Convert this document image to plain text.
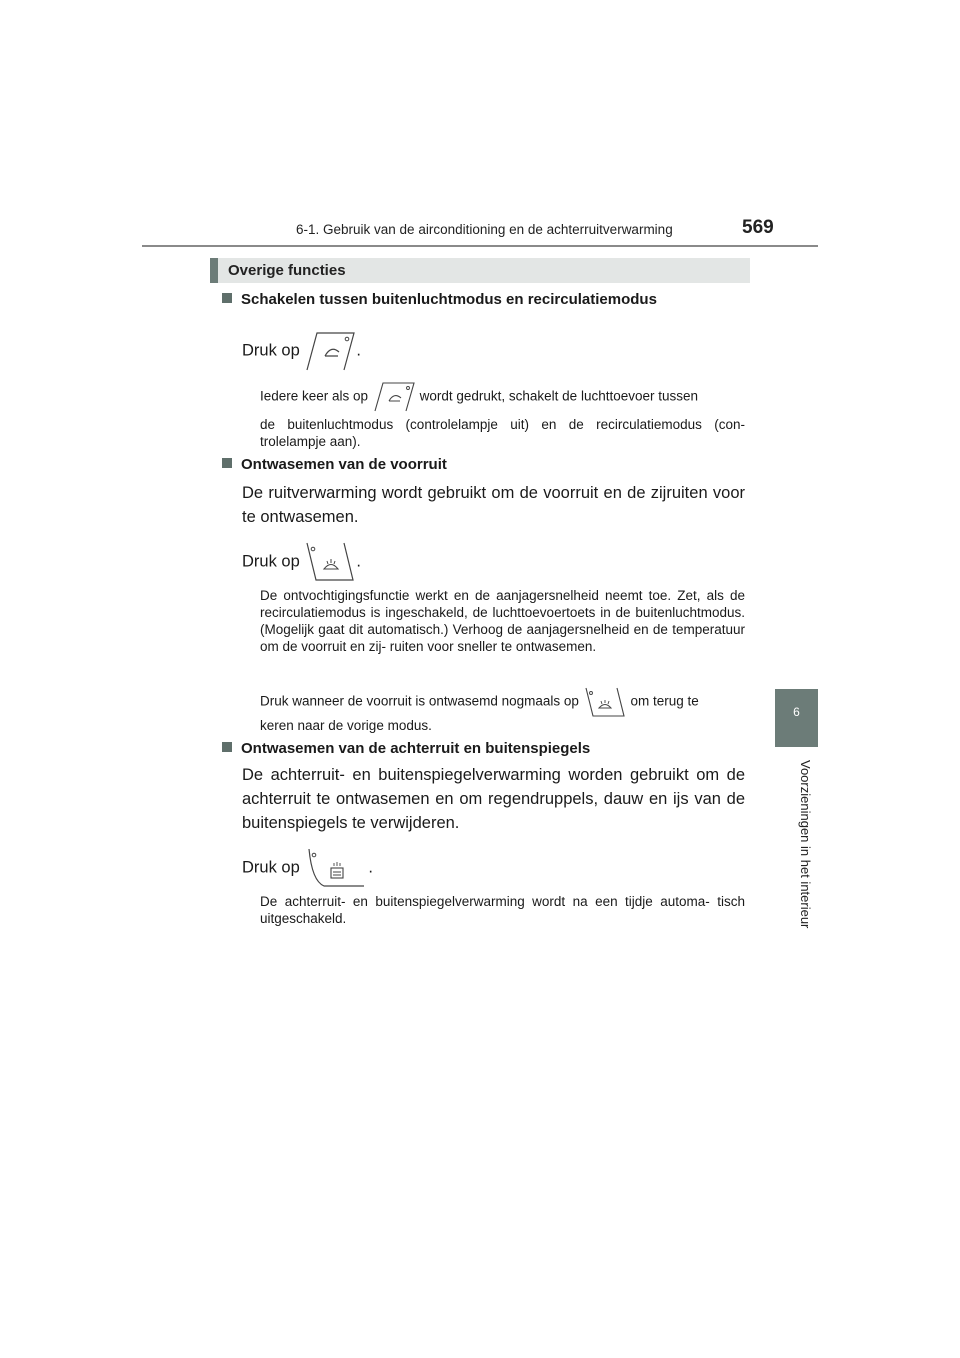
6-1. Gebruik van de airconditioning en de achterruitverwarming	569
6
Voorzieningen in het interieur
Overige functies
Schakelen tussen buitenluchtmodus en recirculatiemodus
Druk op	.
Iedere keer als op	wordt gedrukt, schakelt de luchttoevoer tussen
de buitenluchtmodus (controlelampje uit) en de recirculatiemodus (con- trolelampje aan).
Ontwasemen van de voorruit
De ruitverwarming wordt gebruikt om de voorruit en de zijruiten voor te ontwasemen.
Druk op	.
De ontvochtigingsfunctie werkt en de aanjagersnelheid neemt toe. Zet, als de recirculatiemodus is ingeschakeld, de luchttoevoertoets in de buitenluchtmodus. (Mogelijk gaat dit automatisch.) Verhoog de aanjagersnelheid en de temperatuur om de voorruit en zij- ruiten voor sneller te ontwasemen.
Druk wanneer de voorruit is ontwasemd nogmaals op	om terug te
keren naar de vorige modus.
Ontwasemen van de achterruit en buitenspiegels
De achterruit- en buitenspiegelverwarming worden gebruikt om de achterruit te ontwasemen en om regendruppels, dauw en ijs van de buitenspiegels te verwijderen.
Druk op	.
De achterruit- en buitenspiegelverwarming wordt na een tijdje automa- tisch uitgeschakeld.
